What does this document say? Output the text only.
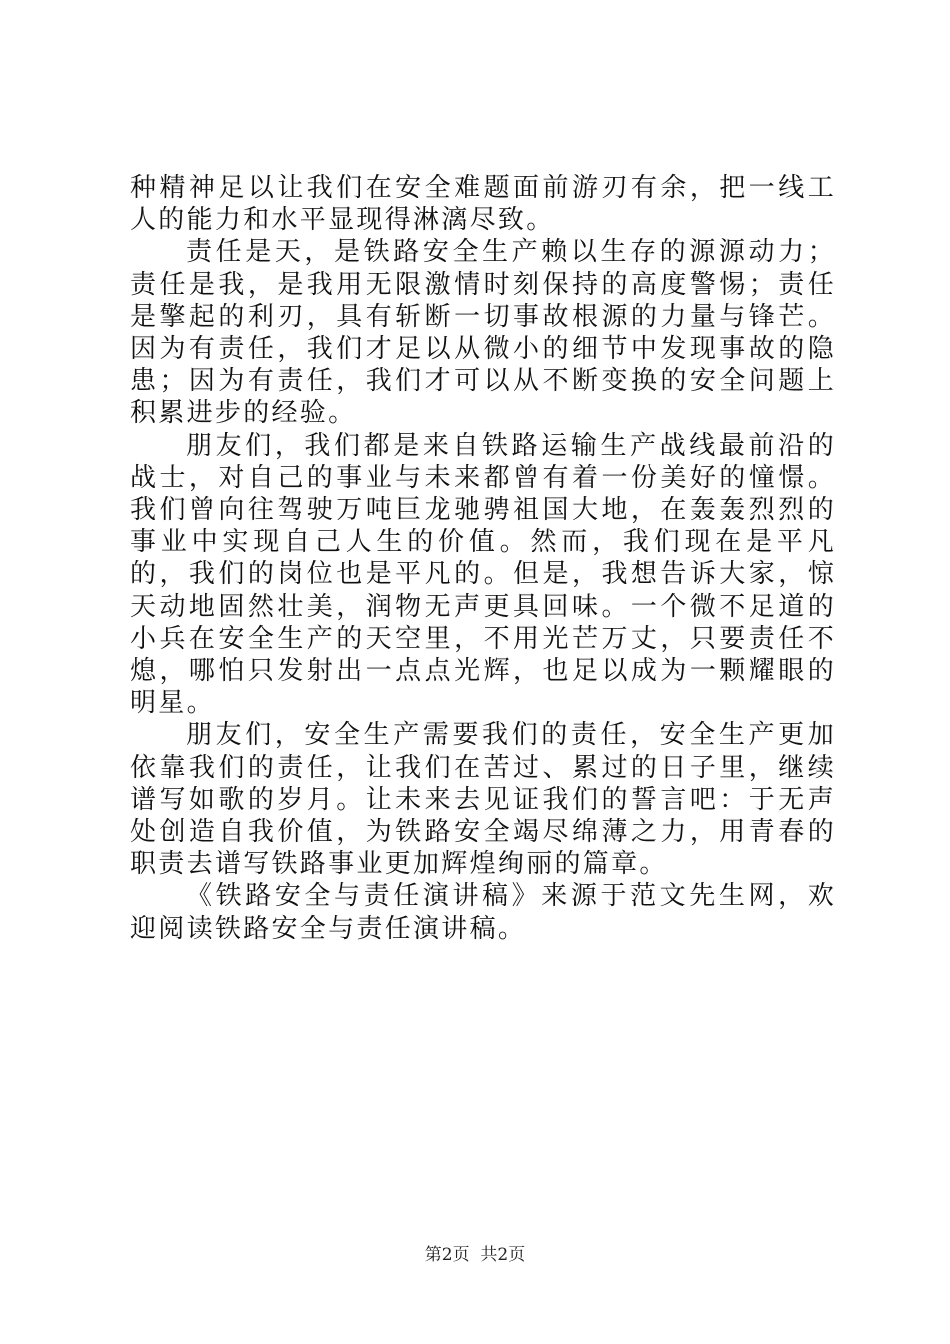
种精神足以让我们在安全难题面前游刃有余，把一线工人的能力和水平显现得淋漓尽致。

责任是天，是铁路安全生产赖以生存的源源动力；责任是我，是我用无限激情时刻保持的高度警惕；责任是擎起的利刃，具有斩断一切事故根源的力量与锋芒。因为有责任，我们才足以从微小的细节中发现事故的隐患；因为有责任，我们才可以从不断变换的安全问题上积累进步的经验。

朋友们，我们都是来自铁路运输生产战线最前沿的战士，对自己的事业与未来都曾有着一份美好的憧憬。我们曾向往驾驶万吨巨龙驰骋祖国大地，在轰轰烈烈的事业中实现自己人生的价值。然而，我们现在是平凡的，我们的岗位也是平凡的。但是，我想告诉大家，惊天动地固然壮美，润物无声更具回味。一个微不足道的小兵在安全生产的天空里，不用光芒万丈，只要责任不熄，哪怕只发射出一点点光辉，也足以成为一颗耀眼的明星。

朋友们，安全生产需要我们的责任，安全生产更加依靠我们的责任，让我们在苦过、累过的日子里，继续谱写如歌的岁月。让未来去见证我们的誓言吧：于无声处创造自我价值，为铁路安全竭尽绵薄之力，用青春的职责去谱写铁路事业更加辉煌绚丽的篇章。

《铁路安全与责任演讲稿》来源于范文先生网，欢迎阅读铁路安全与责任演讲稿。

第2页  共2页
